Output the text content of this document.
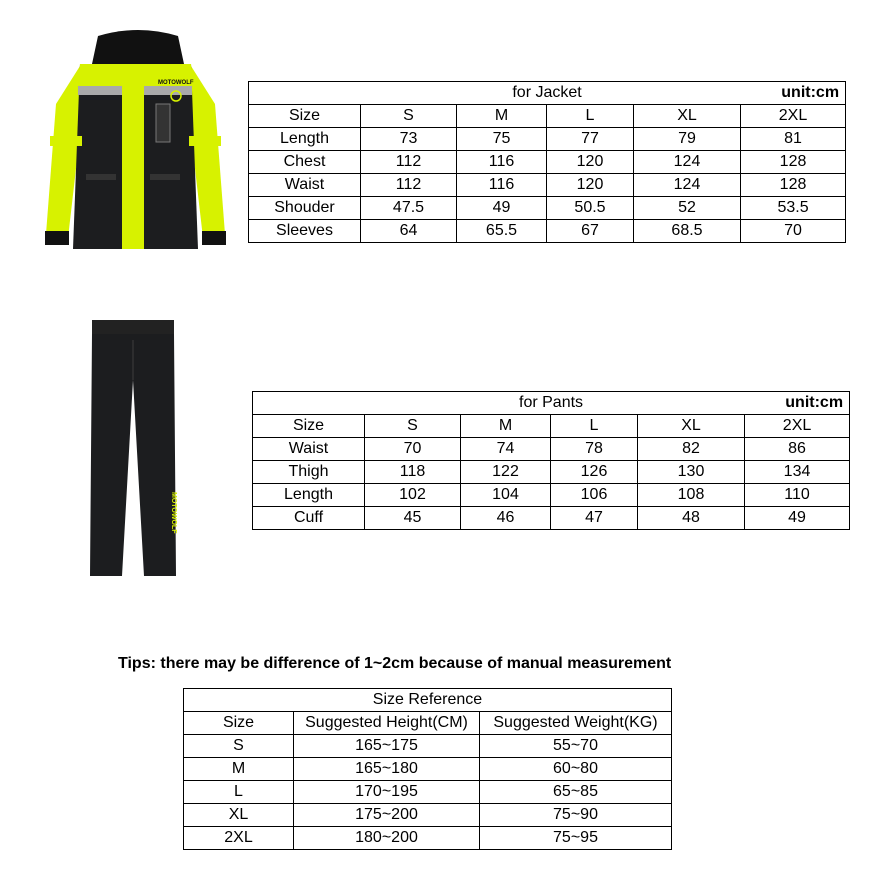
MOTOWOLF
MOTOWOLF
for Jacket unit:cm					

Size	S	M	L	XL	2XL
Length	73	75	77	79	81
Chest	112	116	120	124	128
Waist	112	116	120	124	128
Shouder	47.5	49	50.5	52	53.5
Sleeves	64	65.5	67	68.5	70
for Pants unit:cm					

Size	S	M	L	XL	2XL
Waist	70	74	78	82	86
Thigh	118	122	126	130	134
Length	102	104	106	108	110
Cuff	45	46	47	48	49
Tips: there may be difference of 1~2cm because of manual measurement
Size Reference		
Size	Suggested Height(CM)	Suggested Weight(KG)
S	165~175	55~70
M	165~180	60~80
L	170~195	65~85
XL	175~200	75~90
2XL	180~200	75~95
